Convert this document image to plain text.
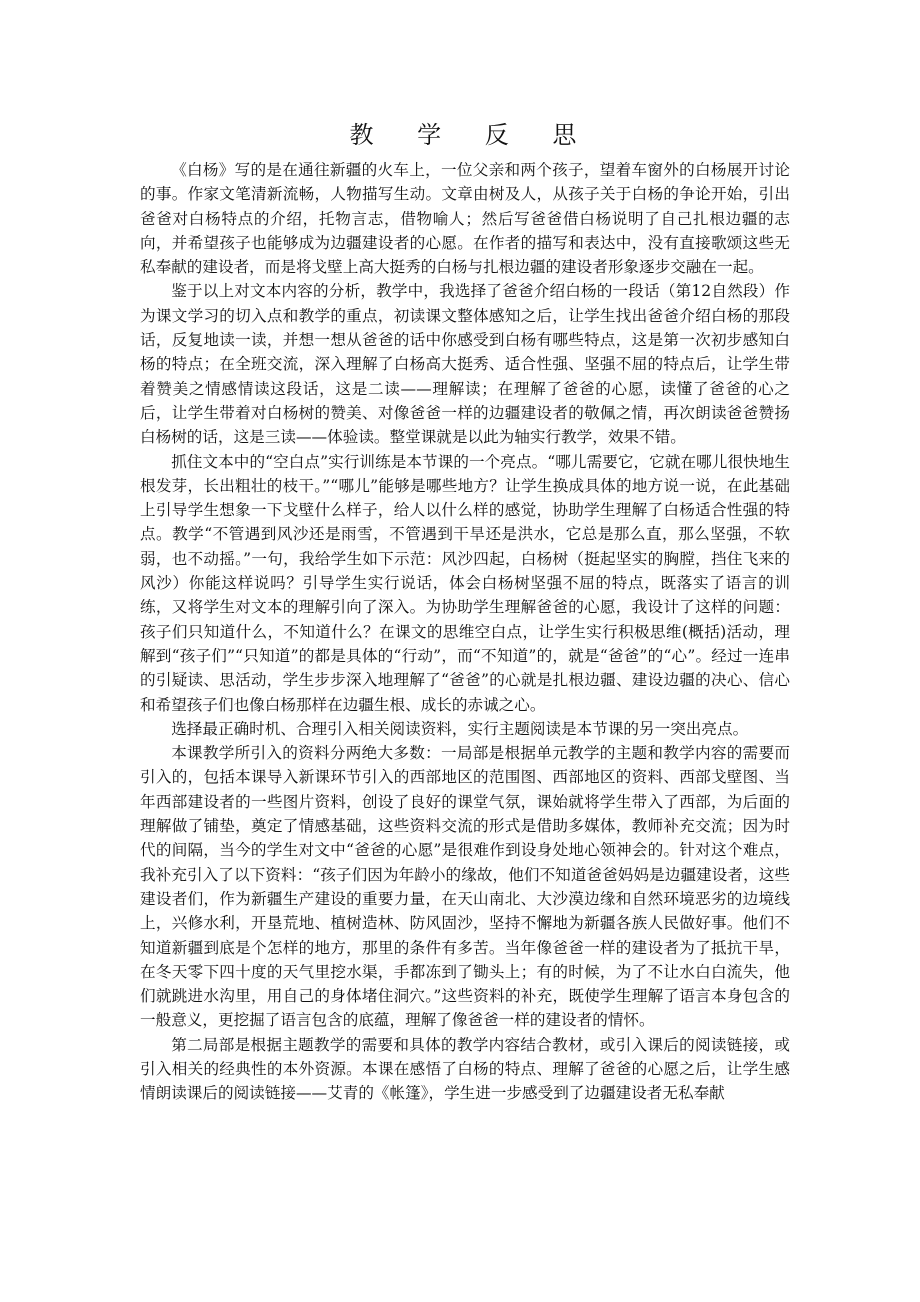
教 学 反 思

《白杨》写的是在通往新疆的火车上，一位父亲和两个孩子，望着车窗外的白杨展开讨论的事。作家文笔清新流畅，人物描写生动。文章由树及人，从孩子关于白杨的争论开始，引出爸爸对白杨特点的介绍，托物言志，借物喻人；然后写爸爸借白杨说明了自己扎根边疆的志向，并希望孩子也能够成为边疆建设者的心愿。在作者的描写和表达中，没有直接歌颂这些无私奉献的建设者，而是将戈壁上高大挺秀的白杨与扎根边疆的建设者形象逐步交融在一起。

鉴于以上对文本内容的分析，教学中，我选择了爸爸介绍白杨的一段话（第12自然段）作为课文学习的切入点和教学的重点，初读课文整体感知之后，让学生找出爸爸介绍白杨的那段话，反复地读一读，并想一想从爸爸的话中你感受到白杨有哪些特点，这是第一次初步感知白杨的特点；在全班交流，深入理解了白杨高大挺秀、适合性强、坚强不屈的特点后，让学生带着赞美之情感情读这段话，这是二读——理解读；在理解了爸爸的心愿，读懂了爸爸的心之后，让学生带着对白杨树的赞美、对像爸爸一样的边疆建设者的敬佩之情，再次朗读爸爸赞扬白杨树的话，这是三读——体验读。整堂课就是以此为轴实行教学，效果不错。

抓住文本中的“空白点”实行训练是本节课的一个亮点。“哪儿需要它，它就在哪儿很快地生根发芽，长出粗壮的枝干。”“哪儿”能够是哪些地方？让学生换成具体的地方说一说，在此基础上引导学生想象一下戈壁什么样子，给人以什么样的感觉，协助学生理解了白杨适合性强的特点。教学“不管遇到风沙还是雨雪，不管遇到干旱还是洪水，它总是那么直，那么坚强，不软弱，也不动摇。”一句，我给学生如下示范：风沙四起，白杨树（挺起坚实的胸膛，挡住飞来的风沙）你能这样说吗？引导学生实行说话，体会白杨树坚强不屈的特点，既落实了语言的训练，又将学生对文本的理解引向了深入。为协助学生理解爸爸的心愿，我设计了这样的问题：孩子们只知道什么，不知道什么？在课文的思维空白点，让学生实行积极思维(概括)活动，理解到“孩子们”“只知道”的都是具体的“行动”，而“不知道”的，就是“爸爸”的“心”。经过一连串的引疑读、思活动，学生步步深入地理解了“爸爸”的心就是扎根边疆、建设边疆的决心、信心和希望孩子们也像白杨那样在边疆生根、成长的赤诚之心。

选择最正确时机、合理引入相关阅读资料，实行主题阅读是本节课的另一突出亮点。

本课教学所引入的资料分两绝大多数：一局部是根据单元教学的主题和教学内容的需要而引入的，包括本课导入新课环节引入的西部地区的范围图、西部地区的资料、西部戈壁图、当年西部建设者的一些图片资料，创设了良好的课堂气氛，课始就将学生带入了西部，为后面的理解做了铺垫，奠定了情感基础，这些资料交流的形式是借助多媒体，教师补充交流；因为时代的间隔，当今的学生对文中“爸爸的心愿”是很难作到设身处地心领神会的。针对这个难点，我补充引入了以下资料：“孩子们因为年龄小的缘故，他们不知道爸爸妈妈是边疆建设者，这些建设者们，作为新疆生产建设的重要力量，在天山南北、大沙漠边缘和自然环境恶劣的边境线上，兴修水利，开垦荒地、植树造林、防风固沙，坚持不懈地为新疆各族人民做好事。他们不知道新疆到底是个怎样的地方，那里的条件有多苦。当年像爸爸一样的建设者为了抵抗干旱，在冬天零下四十度的天气里挖水渠，手都冻到了锄头上；有的时候，为了不让水白白流失，他们就跳进水沟里，用自己的身体堵住洞穴。”这些资料的补充，既使学生理解了语言本身包含的一般意义，更挖掘了语言包含的底蕴，理解了像爸爸一样的建设者的情怀。

第二局部是根据主题教学的需要和具体的教学内容结合教材，或引入课后的阅读链接，或引入相关的经典性的本外资源。本课在感悟了白杨的特点、理解了爸爸的心愿之后，让学生感情朗读课后的阅读链接——艾青的《帐篷》，学生进一步感受到了边疆建设者无私奉献
